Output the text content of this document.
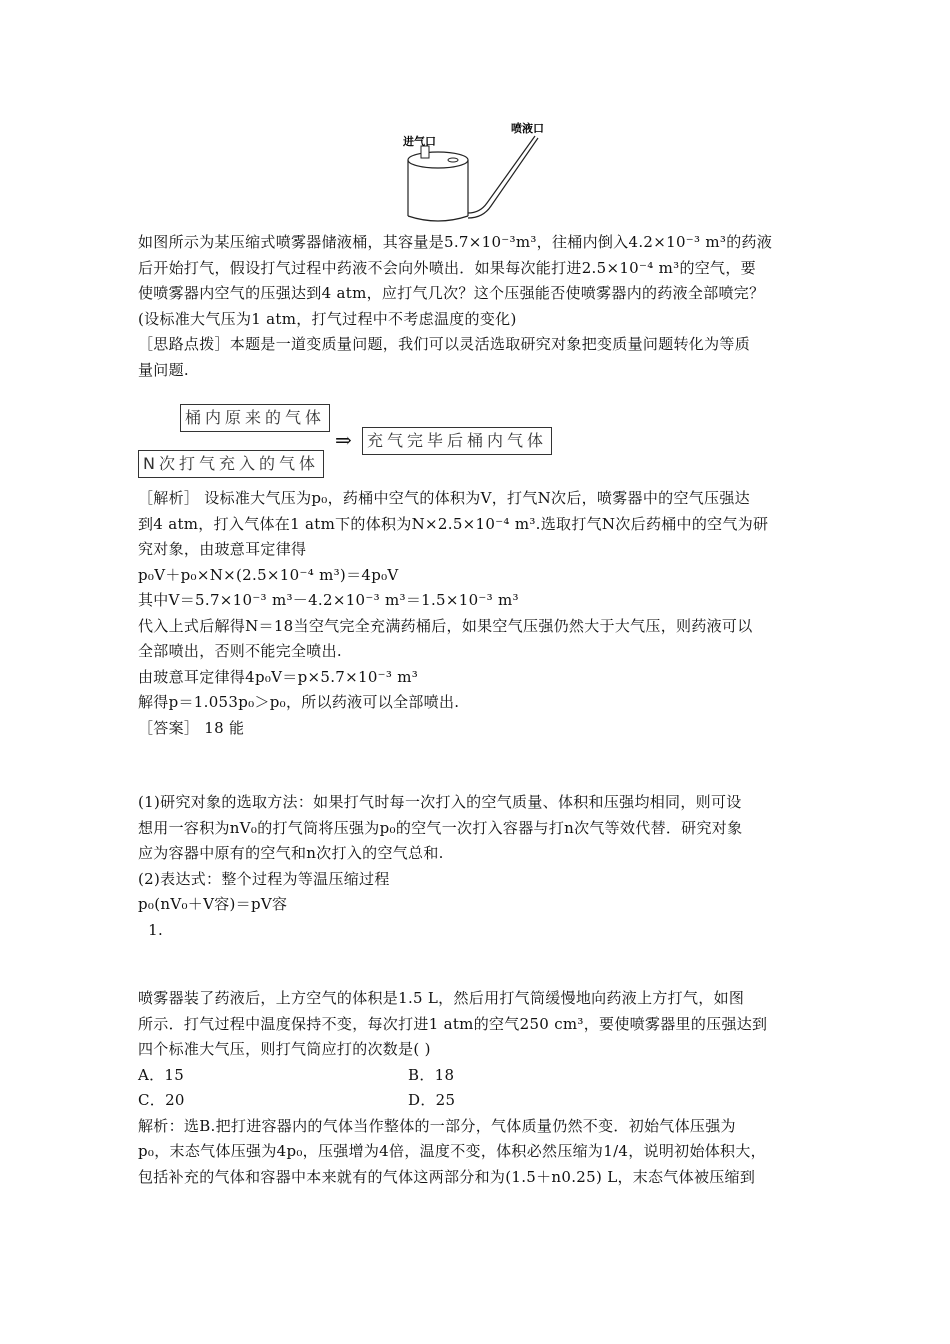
进气口
喷液口

如图所示为某压缩式喷雾器储液桶，其容量是5.7×10⁻³m³，往桶内倒入4.2×10⁻³ m³的药液

后开始打气，假设打气过程中药液不会向外喷出．如果每次能打进2.5×10⁻⁴ m³的空气，要

使喷雾器内空气的压强达到4 atm，应打气几次？这个压强能否使喷雾器内的药液全部喷完？

(设标准大气压为1 atm，打气过程中不考虑温度的变化)

［思路点拨］本题是一道变质量问题，我们可以灵活选取研究对象把变质量问题转化为等质

量问题.

桶内原来的气体
N次打气充入的气体
⇒ 充气完毕后桶内气体

［解析］ 设标准大气压为p₀，药桶中空气的体积为V，打气N次后，喷雾器中的空气压强达

到4 atm，打入气体在1 atm下的体积为N×2.5×10⁻⁴ m³.选取打气N次后药桶中的空气为研

究对象，由玻意耳定律得

p₀V＋p₀×N×(2.5×10⁻⁴ m³)＝4p₀V

其中V＝5.7×10⁻³ m³－4.2×10⁻³ m³＝1.5×10⁻³ m³

代入上式后解得N＝18当空气完全充满药桶后，如果空气压强仍然大于大气压，则药液可以

全部喷出，否则不能完全喷出.

由玻意耳定律得4p₀V＝p×5.7×10⁻³ m³

解得p＝1.053p₀＞p₀，所以药液可以全部喷出.

［答案］ 18 能

(1)研究对象的选取方法：如果打气时每一次打入的空气质量、体积和压强均相同，则可设

想用一容积为nV₀的打气筒将压强为p₀的空气一次打入容器与打n次气等效代替．研究对象

应为容器中原有的空气和n次打入的空气总和.

(2)表达式：整个过程为等温压缩过程

p₀(nV₀＋V容)＝pV容

1.

喷雾器装了药液后，上方空气的体积是1.5 L，然后用打气筒缓慢地向药液上方打气，如图

所示．打气过程中温度保持不变，每次打进1 atm的空气250 cm³，要使喷雾器里的压强达到

四个标准大气压，则打气筒应打的次数是( )

A．15	B．18
C．20	D．25

解析：选B.把打进容器内的气体当作整体的一部分，气体质量仍然不变．初始气体压强为

p₀，末态气体压强为4p₀，压强增为4倍，温度不变，体积必然压缩为1/4，说明初始体积大，

包括补充的气体和容器中本来就有的气体这两部分和为(1.5＋n0.25) L，末态气体被压缩到
